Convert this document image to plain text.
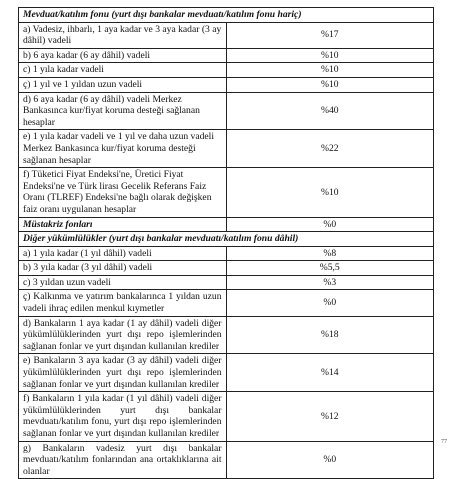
Mevduat/katılım fonu (yurt dışı bankalar mevduatı/katılım fonu hariç)	
a) Vadesiz, ihbarlı, 1 aya kadar ve 3 aya kadar (3 ay dâhil) vadeli	%17
b) 6 aya kadar (6 ay dâhil) vadeli	%10
c) 1 yıla kadar vadeli	%10
ç) 1 yıl ve 1 yıldan uzun vadeli	%10
d) 6 aya kadar (6 ay dâhil) vadeli Merkez Bankasınca kur/fiyat koruma desteği sağlanan hesaplar	%40
e) 1 yıla kadar vadeli ve 1 yıl ve daha uzun vadeli Merkez Bankasınca kur/fiyat koruma desteği sağlanan hesaplar	%22
f) Tüketici Fiyat Endeksi'ne, Üretici Fiyat Endeksi'ne ve Türk lirası Gecelik Referans Faiz Oranı (TLREF) Endeksi'ne bağlı olarak değişken faiz oranı uygulanan hesaplar	%10
Müstakriz fonları	%0
Diğer yükümlülükler (yurt dışı bankalar mevduatı/katılım fonu dâhil)	
a) 1 yıla kadar (1 yıl dâhil) vadeli	%8
b) 3 yıla kadar (3 yıl dâhil) vadeli	%5,5
c) 3 yıldan uzun vadeli	%3
ç) Kalkınma ve yatırım bankalarınca 1 yıldan uzun vadeli ihraç edilen menkul kıymetler	%0
d) Bankaların 1 aya kadar (1 ay dâhil) vadeli diğer yükümlülüklerinden yurt dışı repo işlemlerinden sağlanan fonlar ve yurt dışından kullanılan krediler	%18
e) Bankaların 3 aya kadar (3 ay dâhil) vadeli diğer yükümlülüklerinden yurt dışı repo işlemlerinden sağlanan fonlar ve yurt dışından kullanılan krediler	%14
f) Bankaların 1 yıla kadar (1 yıl dâhil) vadeli diğer yükümlülüklerinden yurt dışı bankalar mevduatı/katılım fonu, yurt dışı repo işlemlerinden sağlanan fonlar ve yurt dışından kullanılan krediler	%12
g) Bankaların vadesiz yurt dışı bankalar mevduatı/katılım fonlarından ana ortaklıklarına ait olanlar	%0
77
